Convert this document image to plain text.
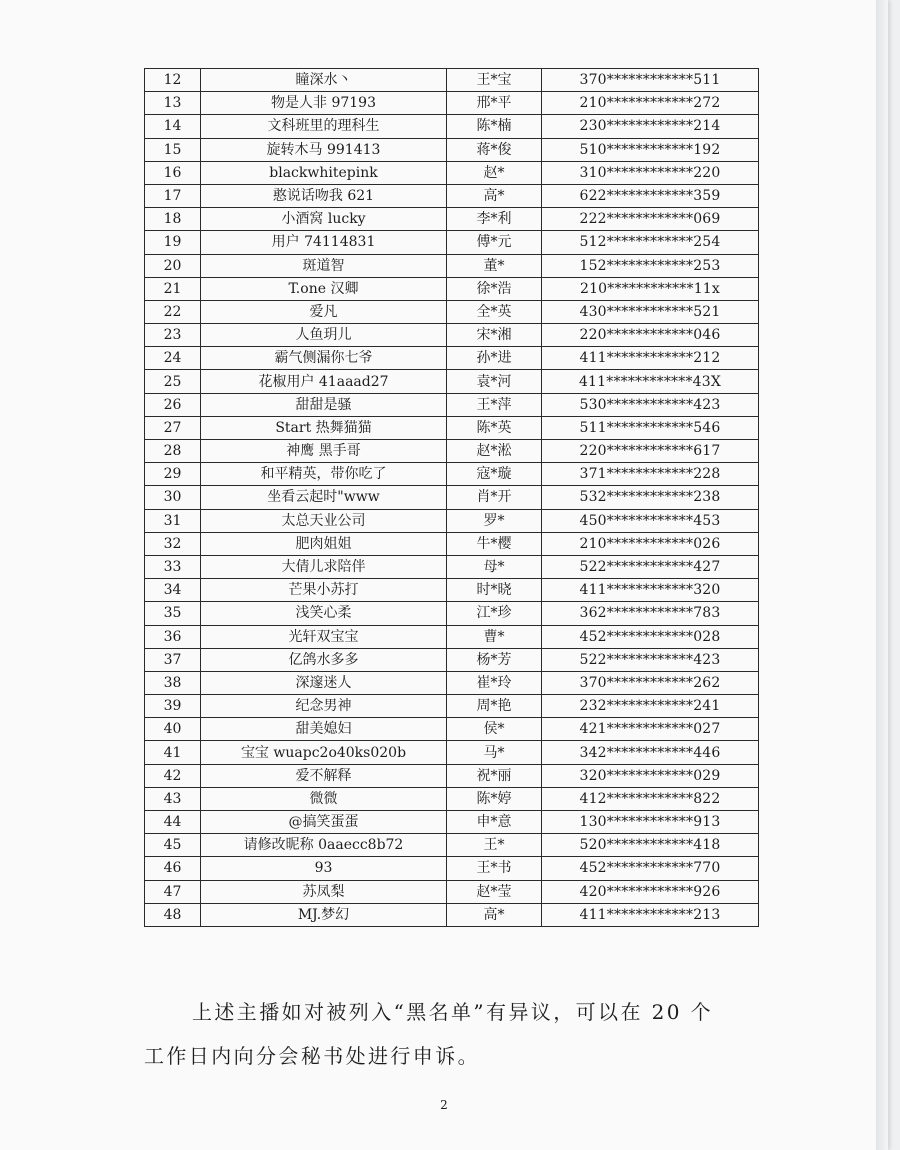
12	瞳深水丶	王*宝	370************511
13	物是人非 97193	邢*平	210************272
14	文科班里的理科生	陈*楠	230************214
15	旋转木马 991413	蒋*俊	510************192
16	blackwhitepink	赵*	310************220
17	憨说话吻我 621	高*	622************359
18	小酒窝 lucky	李*利	222************069
19	用户 74114831	傅*元	512************254
20	斑道智	董*	152************253
21	T.one 汉卿	徐*浩	210************11x
22	爱凡	全*英	430************521
23	人鱼玥儿	宋*湘	220************046
24	霸气侧漏你七爷	孙*进	411************212
25	花椒用户 41aaad27	袁*河	411************43X
26	甜甜是骚	王*萍	530************423
27	Start 热舞猫猫	陈*英	511************546
28	神鹰 黑手哥	赵*淞	220************617
29	和平精英，带你吃了	寇*璇	371************228
30	坐看云起时"www	肖*开	532************238
31	太总天业公司	罗*	450************453
32	肥肉姐姐	牛*樱	210************026
33	大倩儿求陪伴	母*	522************427
34	芒果小苏打	时*晓	411************320
35	浅笑心柔	江*珍	362************783
36	光轩双宝宝	曹*	452************028
37	亿鸽水多多	杨*芳	522************423
38	深邃迷人	崔*玲	370************262
39	纪念男神	周*艳	232************241
40	甜美媳妇	侯*	421************027
41	宝宝 wuapc2o40ks020b	马*	342************446
42	爱不解释	祝*丽	320************029
43	微微	陈*婷	412************822
44	@搞笑蛋蛋	申*意	130************913
45	请修改昵称 0aaecc8b72	王*	520************418
46	93	王*书	452************770
47	苏凤梨	赵*莹	420************926
48	MJ.梦幻	高*	411************213

上述主播如对被列入“黑名单”有异议，可以在 20 个
工作日内向分会秘书处进行申诉。

2
